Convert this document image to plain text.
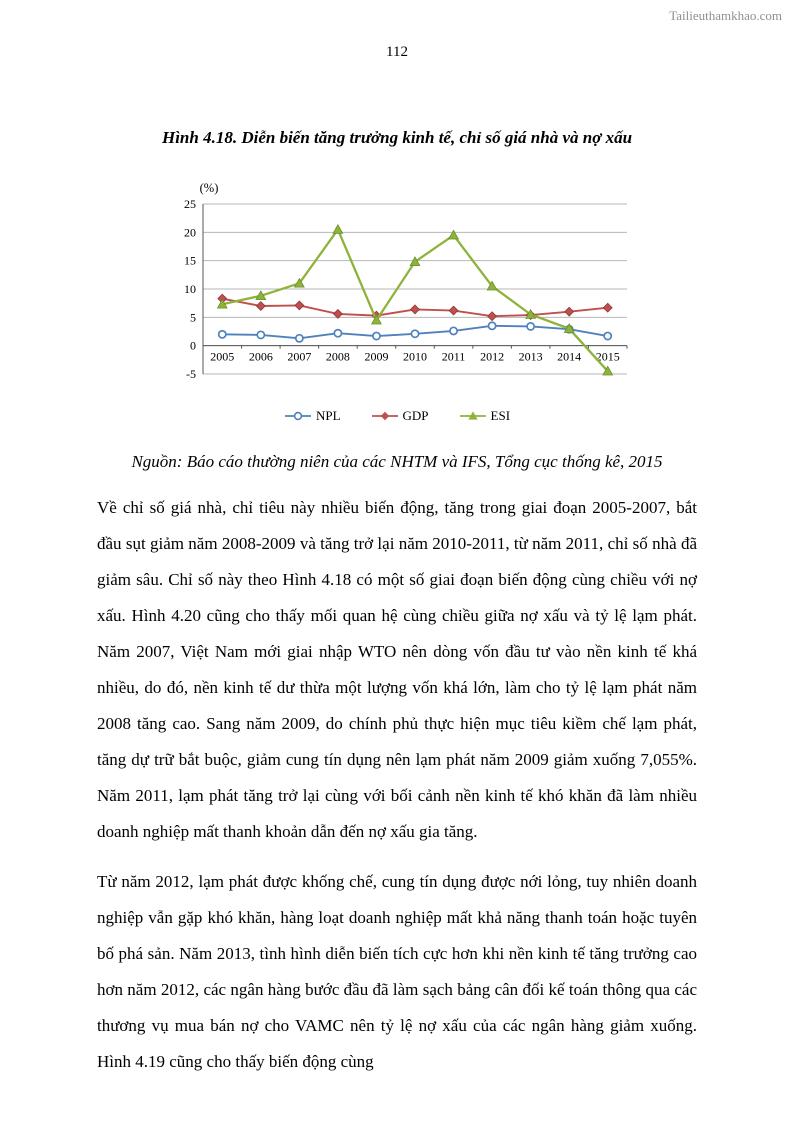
Tailieuthamkhao.com
112
Hình 4.18. Diễn biến tăng trưởng kinh tế, chỉ số giá nhà và nợ xấu
-5
0
5
10
15
20
25
2005 2006 2007 2008 2009 2010 2011 2012 2013 2014 2015
(%)
NPL	GDP	ESI
Nguồn: Báo cáo thường niên của các NHTM và IFS, Tổng cục thống kê, 2015

Về chỉ số giá nhà, chỉ tiêu này nhiều biến động, tăng trong giai đoạn 2005-2007, bắt đầu sụt giảm năm 2008-2009 và tăng trở lại năm 2010-2011, từ năm 2011, chỉ số nhà đã giảm sâu. Chỉ số này theo Hình 4.18 có một số giai đoạn biến động cùng chiều với nợ xấu. Hình 4.20 cũng cho thấy mối quan hệ cùng chiều giữa nợ xấu và tỷ lệ lạm phát. Năm 2007, Việt Nam mới giai nhập WTO nên dòng vốn đầu tư vào nền kinh tế khá nhiều, do đó, nền kinh tế dư thừa một lượng vốn khá lớn, làm cho tỷ lệ lạm phát năm 2008 tăng cao. Sang năm 2009, do chính phủ thực hiện mục tiêu kiềm chế lạm phát, tăng dự trữ bắt buộc, giảm cung tín dụng nên lạm phát năm 2009 giảm xuống 7,055%. Năm 2011, lạm phát tăng trở lại cùng với bối cảnh nền kinh tế khó khăn đã làm nhiều doanh nghiệp mất thanh khoản dẫn đến nợ xấu gia tăng.

Từ năm 2012, lạm phát được khống chế, cung tín dụng được nới lỏng, tuy nhiên doanh nghiệp vẫn gặp khó khăn, hàng loạt doanh nghiệp mất khả năng thanh toán hoặc tuyên bố phá sản. Năm 2013, tình hình diễn biến tích cực hơn khi nền kinh tế tăng trưởng cao hơn năm 2012, các ngân hàng bước đầu đã làm sạch bảng cân đối kế toán thông qua các thương vụ mua bán nợ cho VAMC nên tỷ lệ nợ xấu của các ngân hàng giảm xuống. Hình 4.19 cũng cho thấy biến động cùng
